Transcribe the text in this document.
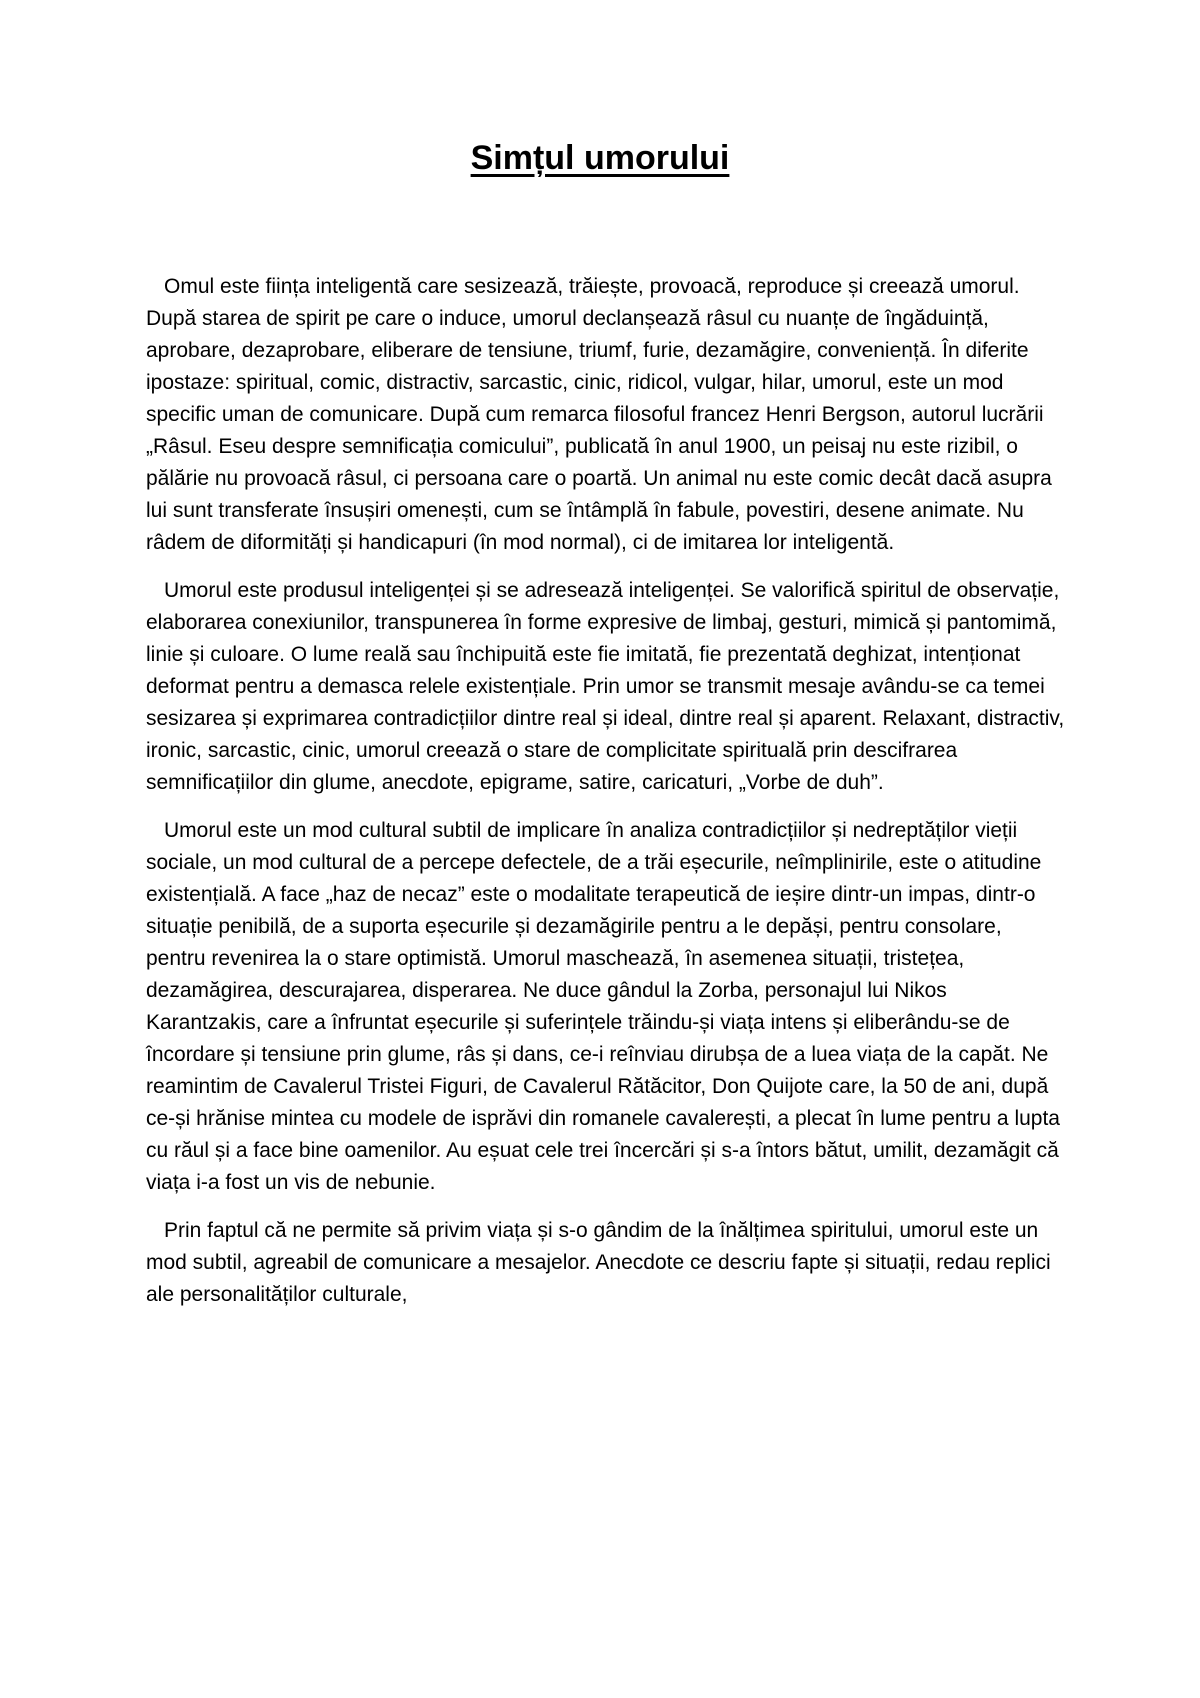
Simțul umorului

Omul este ființa inteligentă care sesizează, trăiește, provoacă, reproduce și creează umorul. După starea de spirit pe care o induce, umorul declanșează râsul cu nuanțe de îngăduință, aprobare, dezaprobare, eliberare de tensiune, triumf, furie, dezamăgire, conveniență. În diferite ipostaze: spiritual, comic, distractiv, sarcastic, cinic, ridicol, vulgar, hilar, umorul, este un mod specific uman de comunicare. După cum remarca filosoful francez Henri Bergson, autorul lucrării „Râsul. Eseu despre semnificația comicului”, publicată în anul 1900, un peisaj nu este rizibil, o pălărie nu provoacă râsul, ci persoana care o poartă. Un animal nu este comic decât dacă asupra lui sunt transferate însușiri omenești, cum se întâmplă în fabule, povestiri, desene animate. Nu râdem de diformități și handicapuri (în mod normal), ci de imitarea lor inteligentă.

Umorul este produsul inteligenței și se adresează inteligenței. Se valorifică spiritul de observație, elaborarea conexiunilor, transpunerea în forme expresive de limbaj, gesturi, mimică și pantomimă, linie și culoare. O lume reală sau închipuită este fie imitată, fie prezentată deghizat, intenționat deformat pentru a demasca relele existențiale. Prin umor se transmit mesaje avându-se ca temei sesizarea și exprimarea contradicțiilor dintre real și ideal, dintre real și aparent. Relaxant, distractiv, ironic, sarcastic, cinic, umorul creează o stare de complicitate spirituală prin descifrarea semnificațiilor din glume, anecdote, epigrame, satire, caricaturi, „Vorbe de duh”.

Umorul este un mod cultural subtil de implicare în analiza contradicțiilor și nedreptăților vieții sociale, un mod cultural de a percepe defectele, de a trăi eșecurile, neîmplinirile, este o atitudine existențială. A face „haz de necaz” este o modalitate terapeutică de ieșire dintr-un impas, dintr-o situație penibilă, de a suporta eșecurile și dezamăgirile pentru a le depăși, pentru consolare, pentru revenirea la o stare optimistă. Umorul maschează, în asemenea situații, tristețea, dezamăgirea, descurajarea, disperarea. Ne duce gândul la Zorba, personajul lui Nikos Karantzakis, care a înfruntat eșecurile și suferințele trăindu-și viața intens și eliberându-se de încordare și tensiune prin glume, râs și dans, ce-i reînviau dirubșa de a luea viața de la capăt. Ne reamintim de Cavalerul Tristei Figuri, de Cavalerul Rătăcitor, Don Quijote care, la 50 de ani, după ce-și hrănise mintea cu modele de isprăvi din romanele cavalerești, a plecat în lume pentru a lupta cu răul și a face bine oamenilor. Au eșuat cele trei încercări și s-a întors bătut, umilit, dezamăgit că viața i-a fost un vis de nebunie.

Prin faptul că ne permite să privim viața și s-o gândim de la înălțimea spiritului, umorul este un mod subtil, agreabil de comunicare a mesajelor. Anecdote ce descriu fapte și situații, redau replici ale personalităților culturale,
